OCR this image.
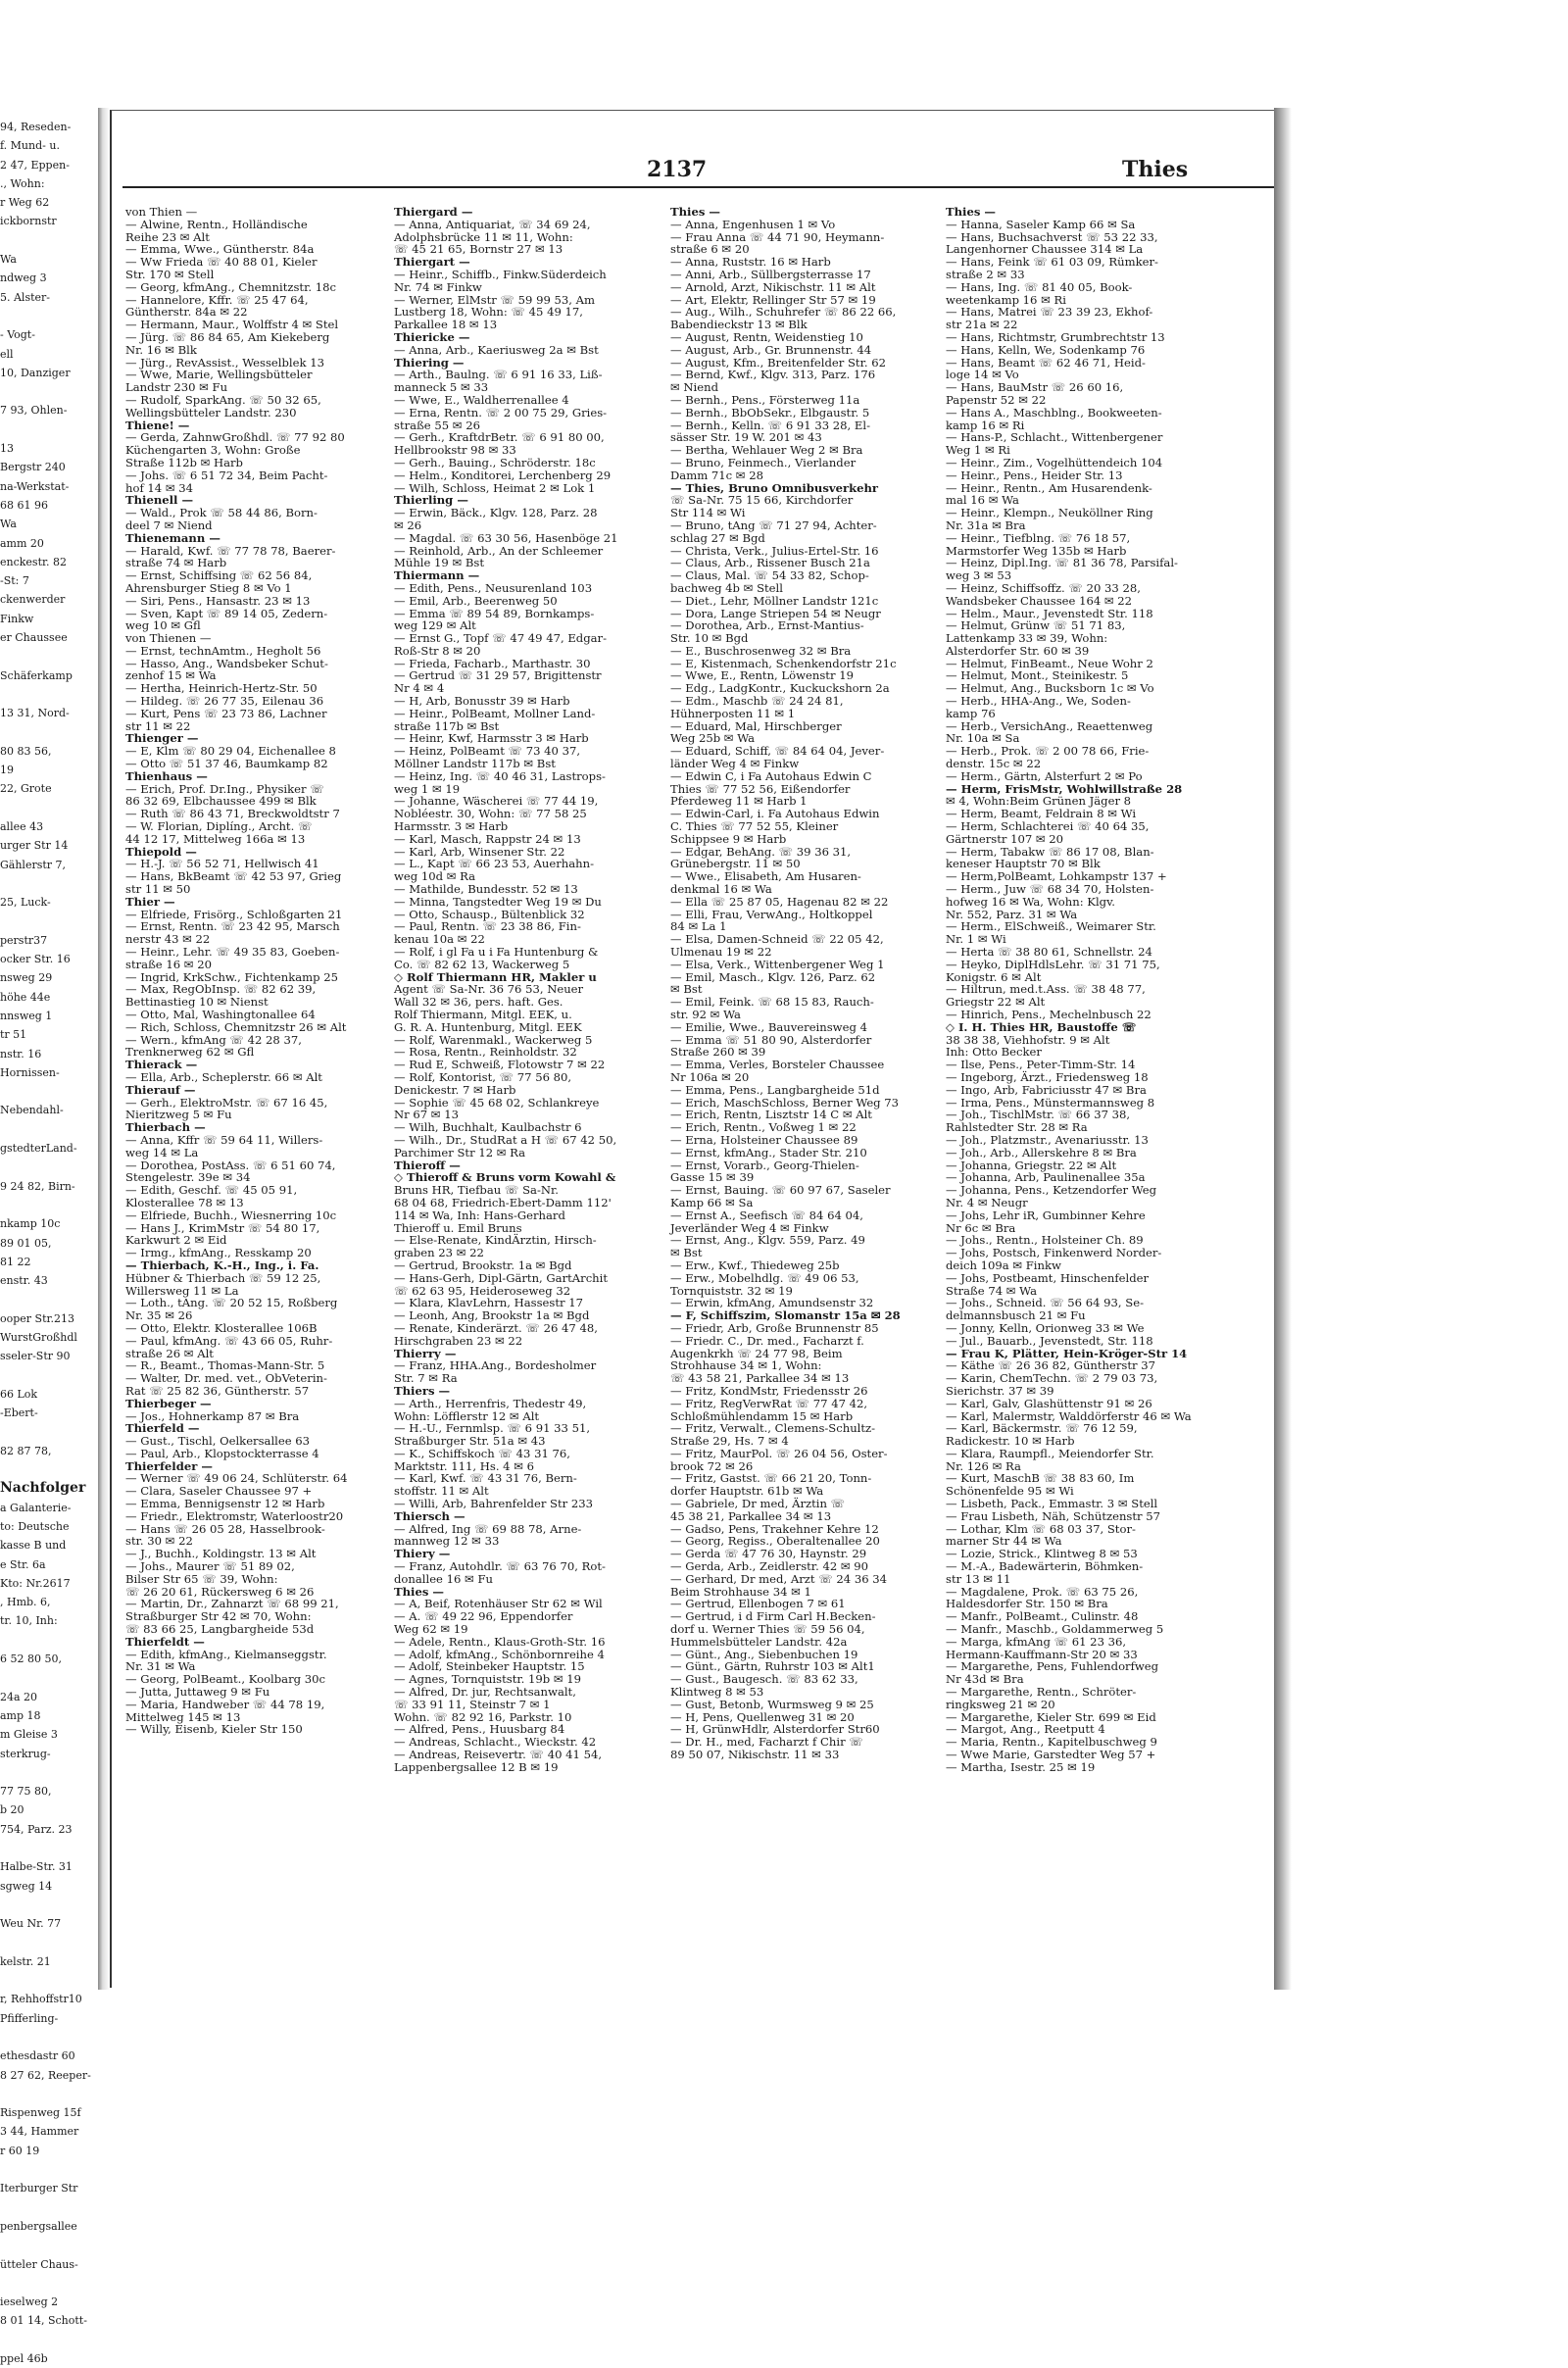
94, Reseden-
f. Mund- u.
2 47, Eppen-
., Wohn:
r Weg 62
ickbornstr

Wa
ndweg 3
5. Alster-

- Vogt-
ell
10, Danziger

7 93, Ohlen-

13
Bergstr 240
na-Werkstat-
68 61 96
Wa
amm 20
enckestr. 82
-St: 7
ckenwerder
Finkw
er Chaussee

Schäferkamp

13 31, Nord-

80 83 56,
19
22, Grote

allee 43
urger Str 14
Gählerstr 7,

25, Luck-

perstr37
ocker Str. 16
nsweg 29
höhe 44e
nnsweg 1
tr 51
nstr. 16
Hornissen-

Nebendahl-

gstedterLand-

9 24 82, Birn-

nkamp 10c
89 01 05,
81 22
enstr. 43

ooper Str.213
WurstGroßhdl
sseler-Str 90

66 Lok
-Ebert-

82 87 78,

Nachfolger
a Galanterie-
to: Deutsche
kasse B und
e Str. 6a
Kto: Nr.2617
, Hmb. 6,
tr. 10, Inh:

6 52 80 50,

24a 20
amp 18
m Gleise 3
sterkrug-

77 75 80,
b 20
754, Parz. 23

Halbe-Str. 31
sgweg 14

Weu Nr. 77

kelstr. 21

r, Rehhoffstr10
Pfifferling-

ethesdastr 60
8 27 62, Reeper-

Rispenweg 15f
3 44, Hammer
r 60 19

Iterburger Str

penbergsallee

ütteler Chaus-

ieselweg 2
8 01 14, Schott-

ppel 46b
2137	Thies
von Thien —
— Alwine, Rentn., Holländische
Reihe 23 ✉ Alt
— Emma, Wwe., Güntherstr. 84a
— Ww Frieda ☏ 40 88 01, Kieler
Str. 170 ✉ Stell
— Georg, kfmAng., Chemnitzstr. 18c
— Hannelore, Kffr. ☏ 25 47 64,
Güntherstr. 84a ✉ 22
— Hermann, Maur., Wolffstr 4 ✉ Stel
— Jürg. ☏ 86 84 65, Am Kiekeberg
Nr. 16 ✉ Blk
— Jürg., RevAssist., Wesselblek 13
— Wwe, Marie, Wellingsbütteler
Landstr 230 ✉ Fu
— Rudolf, SparkAng. ☏ 50 32 65,
Wellingsbütteler Landstr. 230
Thiene! —
— Gerda, ZahnwGroßhdl. ☏ 77 92 80
Küchengarten 3, Wohn: Große
Straße 112b ✉ Harb
— Johs. ☏ 6 51 72 34, Beim Pacht-
hof 14 ✉ 34
Thienell —
— Wald., Prok ☏ 58 44 86, Born-
deel 7 ✉ Niend
Thienemann —
— Harald, Kwf. ☏ 77 78 78, Baerer-
straße 74 ✉ Harb
— Ernst, Schiffsing ☏ 62 56 84,
Ahrensburger Stieg 8 ✉ Vo 1
— Siri, Pens., Hansastr. 23 ✉ 13
— Sven, Kapt ☏ 89 14 05, Zedern-
weg 10 ✉ Gfl
von Thienen —
— Ernst, technAmtm., Hegholt 56
— Hasso, Ang., Wandsbeker Schut-
zenhof 15 ✉ Wa
— Hertha, Heinrich-Hertz-Str. 50
— Hildeg. ☏ 26 77 35, Eilenau 36
— Kurt, Pens ☏ 23 73 86, Lachner
str 11 ✉ 22
Thienger —
— E, Klm ☏ 80 29 04, Eichenallee 8
— Otto ☏ 51 37 46, Baumkamp 82
Thienhaus —
— Erich, Prof. Dr.Ing., Physiker ☏
86 32 69, Elbchaussee 499 ✉ Blk
— Ruth ☏ 86 43 71, Breckwoldtstr 7
— W. Florian, Diplíng., Archt. ☏
44 12 17, Mittelweg 166a ✉ 13
Thiepold —
— H.-J. ☏ 56 52 71, Hellwisch 41
— Hans, BkBeamt ☏ 42 53 97, Grieg
str 11 ✉ 50
Thier —
— Elfriede, Frisörg., Schloßgarten 21
— Ernst, Rentn. ☏ 23 42 95, Marsch
nerstr 43 ✉ 22
— Heinr., Lehr. ☏ 49 35 83, Goeben-
straße 16 ✉ 20
— Ingrid, KrkSchw., Fichtenkamp 25
— Max, RegObInsp. ☏ 82 62 39,
Bettinastieg 10 ✉ Nienst
— Otto, Mal, Washingtonallee 64
— Rich, Schloss, Chemnitzstr 26 ✉ Alt
— Wern., kfmAng ☏ 42 28 37,
Trenknerweg 62 ✉ Gfl
Thierack —
— Ella, Arb., Scheplerstr. 66 ✉ Alt
Thierauf —
— Gerh., ElektroMstr. ☏ 67 16 45,
Nieritzweg 5 ✉ Fu
Thierbach —
— Anna, Kffr ☏ 59 64 11, Willers-
weg 14 ✉ La
— Dorothea, PostAss. ☏ 6 51 60 74,
Stengelestr. 39e ✉ 34
— Edith, Geschf. ☏ 45 05 91,
Klosterallee 78 ✉ 13
— Elfriede, Buchh., Wiesnerring 10c
— Hans J., KrimMstr ☏ 54 80 17,
Karkwurt 2 ✉ Eid
— Irmg., kfmAng., Resskamp 20
— Thierbach, K.-H., Ing., i. Fa.
Hübner & Thierbach ☏ 59 12 25,
Willersweg 11 ✉ La
— Loth., tAng. ☏ 20 52 15, Roßberg
Nr. 35 ✉ 26
— Otto, Elektr. Klosterallee 106B
— Paul, kfmAng. ☏ 43 66 05, Ruhr-
straße 26 ✉ Alt
— R., Beamt., Thomas-Mann-Str. 5
— Walter, Dr. med. vet., ObVeterin-
Rat ☏ 25 82 36, Güntherstr. 57
Thierbeger —
— Jos., Hohnerkamp 87 ✉ Bra
Thierfeld —
— Gust., Tischl, Oelkersallee 63
— Paul, Arb., Klopstockterrasse 4
Thierfelder —
— Werner ☏ 49 06 24, Schlüterstr. 64
— Clara, Saseler Chaussee 97 +
— Emma, Bennigsenstr 12 ✉ Harb
— Friedr., Elektromstr, Waterloostr20
— Hans ☏ 26 05 28, Hasselbrook-
str. 30 ✉ 22
— J., Buchh., Koldingstr. 13 ✉ Alt
— Johs., Maurer ☏ 51 89 02,
Bilser Str 65 ☏ 39, Wohn:
☏ 26 20 61, Rückersweg 6 ✉ 26
— Martin, Dr., Zahnarzt ☏ 68 99 21,
Straßburger Str 42 ✉ 70, Wohn:
☏ 83 66 25, Langbargheide 53d
Thierfeldt —
— Edith, kfmAng., Kielmanseggstr.
Nr. 31 ✉ Wa
— Georg, PolBeamt., Koolbarg 30c
— Jutta, Juttaweg 9 ✉ Fu
— Maria, Handweber ☏ 44 78 19,
Mittelweg 145 ✉ 13
— Willy, Eisenb, Kieler Str 150
Thiergard —
— Anna, Antiquariat, ☏ 34 69 24,
Adolphsbrücke 11 ✉ 11, Wohn:
☏ 45 21 65, Bornstr 27 ✉ 13
Thiergart —
— Heinr., Schiffb., Finkw.Süderdeich
Nr. 74 ✉ Finkw
— Werner, ElMstr ☏ 59 99 53, Am
Lustberg 18, Wohn: ☏ 45 49 17,
Parkallee 18 ✉ 13
Thiericke —
— Anna, Arb., Kaeriusweg 2a ✉ Bst
Thiering —
— Arth., Baulng. ☏ 6 91 16 33, Liß-
manneck 5 ✉ 33
— Wwe, E., Waldherrenallee 4
— Erna, Rentn. ☏ 2 00 75 29, Gries-
straße 55 ✉ 26
— Gerh., KraftdrBetr. ☏ 6 91 80 00,
Hellbrookstr 98 ✉ 33
— Gerh., Bauing., Schröderstr. 18c
— Helm., Konditorei, Lerchenberg 29
— Wilh, Schloss, Heimat 2 ✉ Lok 1
Thierling —
— Erwin, Bäck., Klgv. 128, Parz. 28
✉ 26
— Magdal. ☏ 63 30 56, Hasenböge 21
— Reinhold, Arb., An der Schleemer
Mühle 19 ✉ Bst
Thiermann —
— Edith, Pens., Neusurenland 103
— Emil, Arb., Beerenweg 50
— Emma ☏ 89 54 89, Bornkamps-
weg 129 ✉ Alt
— Ernst G., Topf ☏ 47 49 47, Edgar-
Roß-Str 8 ✉ 20
— Frieda, Facharb., Marthastr. 30
— Gertrud ☏ 31 29 57, Brigittenstr
Nr 4 ✉ 4
— H, Arb, Bonusstr 39 ✉ Harb
— Heinr., PolBeamt, Mollner Land-
straße 117b ✉ Bst
— Heinr, Kwf, Harmsstr 3 ✉ Harb
— Heinz, PolBeamt ☏ 73 40 37,
Möllner Landstr 117b ✉ Bst
— Heinz, Ing. ☏ 40 46 31, Lastrops-
weg 1 ✉ 19
— Johanne, Wäscherei ☏ 77 44 19,
Nobléestr. 30, Wohn: ☏ 77 58 25
Harmsstr. 3 ✉ Harb
— Karl, Masch, Rappstr 24 ✉ 13
— Karl, Arb, Winsener Str. 22
— L., Kapt ☏ 66 23 53, Auerhahn-
weg 10d ✉ Ra
— Mathilde, Bundesstr. 52 ✉ 13
— Minna, Tangstedter Weg 19 ✉ Du
— Otto, Schausp., Bültenblick 32
— Paul, Rentn. ☏ 23 38 86, Fin-
kenau 10a ✉ 22
— Rolf, i gl Fa u i Fa Huntenburg &
Co. ☏ 82 62 13, Wackerweg 5
◇ Rolf Thiermann HR, Makler u
Agent ☏ Sa-Nr. 36 76 53, Neuer
Wall 32 ✉ 36, pers. haft. Ges.
Rolf Thiermann, Mitgl. EEK, u.
G. R. A. Huntenburg, Mitgl. EEK
— Rolf, Warenmakl., Wackerweg 5
— Rosa, Rentn., Reinholdstr. 32
— Rud E, Schweiß, Flotowstr 7 ✉ 22
— Rolf, Kontorist, ☏ 77 56 80,
Denickestr. 7 ✉ Harb
— Sophie ☏ 45 68 02, Schlankreye
Nr 67 ✉ 13
— Wilh, Buchhalt, Kaulbachstr 6
— Wilh., Dr., StudRat a H ☏ 67 42 50,
Parchimer Str 12 ✉ Ra
Thieroff —
◇ Thieroff & Bruns vorm Kowahl &
Bruns HR, Tiefbau ☏ Sa-Nr.
68 04 68, Friedrich-Ebert-Damm 112'
114 ✉ Wa, Inh: Hans-Gerhard
Thieroff u. Emil Bruns
— Else-Renate, KindÄrztin, Hirsch-
graben 23 ✉ 22
— Gertrud, Brookstr. 1a ✉ Bgd
— Hans-Gerh, Dipl-Gärtn, GartArchit
☏ 62 63 95, Heideroseweg 32
— Klara, KlavLehrn, Hassestr 17
— Leonh, Ang, Brookstr 1a ✉ Bgd
— Renate, Kinderärzt. ☏ 26 47 48,
Hirschgraben 23 ✉ 22
Thierry —
— Franz, HHA.Ang., Bordesholmer
Str. 7 ✉ Ra
Thiers —
— Arth., Herrenfris, Thedestr 49,
Wohn: Löfflerstr 12 ✉ Alt
— H.-U., Fernmlsp. ☏ 6 91 33 51,
Straßburger Str. 51a ✉ 43
— K., Schiffskoch ☏ 43 31 76,
Marktstr. 111, Hs. 4 ✉ 6
— Karl, Kwf. ☏ 43 31 76, Bern-
stoffstr. 11 ✉ Alt
— Willi, Arb, Bahrenfelder Str 233
Thiersch —
— Alfred, Ing ☏ 69 88 78, Arne-
mannweg 12 ✉ 33
Thiery —
— Franz, Autohdlr. ☏ 63 76 70, Rot-
donallee 16 ✉ Fu
Thies —
— A, Beif, Rotenhäuser Str 62 ✉ Wil
— A. ☏ 49 22 96, Eppendorfer
Weg 62 ✉ 19
— Adele, Rentn., Klaus-Groth-Str. 16
— Adolf, kfmAng., Schönbornreihe 4
— Adolf, Steinbeker Hauptstr. 15
— Agnes, Tornquiststr. 19b ✉ 19
— Alfred, Dr. jur, Rechtsanwalt,
☏ 33 91 11, Steinstr 7 ✉ 1
Wohn. ☏ 82 92 16, Parkstr. 10
— Alfred, Pens., Huusbarg 84
— Andreas, Schlacht., Wieckstr. 42
— Andreas, Reisevertr. ☏ 40 41 54,
Lappenbergsallee 12 B ✉ 19
Thies —
— Anna, Engenhusen 1 ✉ Vo
— Frau Anna ☏ 44 71 90, Heymann-
straße 6 ✉ 20
— Anna, Ruststr. 16 ✉ Harb
— Anni, Arb., Süllbergsterrasse 17
— Arnold, Arzt, Nikischstr. 11 ✉ Alt
— Art, Elektr, Rellinger Str 57 ✉ 19
— Aug., Wilh., Schuhrefer ☏ 86 22 66,
Babendieckstr 13 ✉ Blk
— August, Rentn, Weidenstieg 10
— August, Arb., Gr. Brunnenstr. 44
— August, Kfm., Breitenfelder Str. 62
— Bernd, Kwf., Klgv. 313, Parz. 176
✉ Niend
— Bernh., Pens., Försterweg 11a
— Bernh., BbObSekr., Elbgaustr. 5
— Bernh., Kelln. ☏ 6 91 33 28, El-
sässer Str. 19 W. 201 ✉ 43
— Bertha, Wehlauer Weg 2 ✉ Bra
— Bruno, Feinmech., Vierlander
Damm 71c ✉ 28
— Thies, Bruno Omnibusverkehr
☏ Sa-Nr. 75 15 66, Kirchdorfer
Str 114 ✉ Wi
— Bruno, tAng ☏ 71 27 94, Achter-
schlag 27 ✉ Bgd
— Christa, Verk., Julius-Ertel-Str. 16
— Claus, Arb., Rissener Busch 21a
— Claus, Mal. ☏ 54 33 82, Schop-
bachweg 4b ✉ Stell
— Diet., Lehr, Möllner Landstr 121c
— Dora, Lange Striepen 54 ✉ Neugr
— Dorothea, Arb., Ernst-Mantius-
Str. 10 ✉ Bgd
— E., Buschrosenweg 32 ✉ Bra
— E, Kistenmach, Schenkendorfstr 21c
— Wwe, E., Rentn, Löwenstr 19
— Edg., LadgKontr., Kuckuckshorn 2a
— Edm., Maschb ☏ 24 24 81,
Hühnerposten 11 ✉ 1
— Eduard, Mal, Hirschberger
Weg 25b ✉ Wa
— Eduard, Schiff, ☏ 84 64 04, Jever-
länder Weg 4 ✉ Finkw
— Edwin C, i Fa Autohaus Edwin C
Thies ☏ 77 52 56, Eißendorfer
Pferdeweg 11 ✉ Harb 1
— Edwin-Carl, i. Fa Autohaus Edwin
C. Thies ☏ 77 52 55, Kleiner
Schippsee 9 ✉ Harb
— Edgar, BehAng. ☏ 39 36 31,
Grünebergstr. 11 ✉ 50
— Wwe., Elisabeth, Am Husaren-
denkmal 16 ✉ Wa
— Ella ☏ 25 87 05, Hagenau 82 ✉ 22
— Elli, Frau, VerwAng., Holtkoppel
84 ✉ La 1
— Elsa, Damen-Schneid ☏ 22 05 42,
Ulmenau 19 ✉ 22
— Elsa, Verk., Wittenbergener Weg 1
— Emil, Masch., Klgv. 126, Parz. 62
✉ Bst
— Emil, Feink. ☏ 68 15 83, Rauch-
str. 92 ✉ Wa
— Emilie, Wwe., Bauvereinsweg 4
— Emma ☏ 51 80 90, Alsterdorfer
Straße 260 ✉ 39
— Emma, Verles, Borsteler Chaussee
Nr 106a ✉ 20
— Emma, Pens., Langbargheide 51d
— Erich, MaschSchloss, Berner Weg 73
— Erich, Rentn, Lisztstr 14 C ✉ Alt
— Erich, Rentn., Voßweg 1 ✉ 22
— Erna, Holsteiner Chaussee 89
— Ernst, kfmAng., Stader Str. 210
— Ernst, Vorarb., Georg-Thielen-
Gasse 15 ✉ 39
— Ernst, Bauing. ☏ 60 97 67, Saseler
Kamp 66 ✉ Sa
— Ernst A., Seefisch ☏ 84 64 04,
Jeverländer Weg 4 ✉ Finkw
— Ernst, Ang., Klgv. 559, Parz. 49
✉ Bst
— Erw., Kwf., Thiedeweg 25b
— Erw., Mobelhdlg. ☏ 49 06 53,
Tornquiststr. 32 ✉ 19
— Erwin, kfmAng, Amundsenstr 32
— F, Schiffszim, Slomanstr 15a ✉ 28
— Friedr, Arb, Große Brunnenstr 85
— Friedr. C., Dr. med., Facharzt f.
Augenkrkh ☏ 24 77 98, Beim
Strohhause 34 ✉ 1, Wohn:
☏ 43 58 21, Parkallee 34 ✉ 13
— Fritz, KondMstr, Friedensstr 26
— Fritz, RegVerwRat ☏ 77 47 42,
Schloßmühlendamm 15 ✉ Harb
— Fritz, Verwalt., Clemens-Schultz-
Straße 29, Hs. 7 ✉ 4
— Fritz, MaurPol. ☏ 26 04 56, Oster-
brook 72 ✉ 26
— Fritz, Gastst. ☏ 66 21 20, Tonn-
dorfer Hauptstr. 61b ✉ Wa
— Gabriele, Dr med, Ärztin ☏
45 38 21, Parkallee 34 ✉ 13
— Gadso, Pens, Trakehner Kehre 12
— Georg, Regiss., Oberaltenallee 20
— Gerda ☏ 47 76 30, Haynstr. 29
— Gerda, Arb., Zeidlerstr. 42 ✉ 90
— Gerhard, Dr med, Arzt ☏ 24 36 34
Beim Strohhause 34 ✉ 1
— Gertrud, Ellenbogen 7 ✉ 61
— Gertrud, i d Firm Carl H.Becken-
dorf u. Werner Thies ☏ 59 56 04,
Hummelsbütteler Landstr. 42a
— Günt., Ang., Siebenbuchen 19
— Günt., Gärtn, Ruhrstr 103 ✉ Alt1
— Gust., Baugesch. ☏ 83 62 33,
Klintweg 8 ✉ 53
— Gust, Betonb, Wurmsweg 9 ✉ 25
— H, Pens, Quellenweg 31 ✉ 20
— H, GrünwHdlr, Alsterdorfer Str60
— Dr. H., med, Facharzt f Chir ☏
89 50 07, Nikischstr. 11 ✉ 33
Thies —
— Hanna, Saseler Kamp 66 ✉ Sa
— Hans, Buchsachverst ☏ 53 22 33,
Langenhorner Chaussee 314 ✉ La
— Hans, Feink ☏ 61 03 09, Rümker-
straße 2 ✉ 33
— Hans, Ing. ☏ 81 40 05, Book-
weetenkamp 16 ✉ Ri
— Hans, Matrei ☏ 23 39 23, Ekhof-
str 21a ✉ 22
— Hans, Richtmstr, Grumbrechtstr 13
— Hans, Kelln, We, Sodenkamp 76
— Hans, Beamt ☏ 62 46 71, Heid-
loge 14 ✉ Vo
— Hans, BauMstr ☏ 26 60 16,
Papenstr 52 ✉ 22
— Hans A., Maschblng., Bookweeten-
kamp 16 ✉ Ri
— Hans-P., Schlacht., Wittenbergener
Weg 1 ✉ Ri
— Heinr., Zim., Vogelhüttendeich 104
— Heinr., Pens., Heider Str. 13
— Heinr., Rentn., Am Husarendenk-
mal 16 ✉ Wa
— Heinr., Klempn., Neuköllner Ring
Nr. 31a ✉ Bra
— Heinr., Tiefblng. ☏ 76 18 57,
Marmstorfer Weg 135b ✉ Harb
— Heinz, Dipl.Ing. ☏ 81 36 78, Parsifal-
weg 3 ✉ 53
— Heinz, Schiffsoffz. ☏ 20 33 28,
Wandsbeker Chaussee 164 ✉ 22
— Helm., Maur., Jevenstedt Str. 118
— Helmut, Grünw ☏ 51 71 83,
Lattenkamp 33 ✉ 39, Wohn:
Alsterdorfer Str. 60 ✉ 39
— Helmut, FinBeamt., Neue Wohr 2
— Helmut, Mont., Steinikestr. 5
— Helmut, Ang., Bucksborn 1c ✉ Vo
— Herb., HHA-Ang., We, Soden-
kamp 76
— Herb., VersichAng., Reaettenweg
Nr. 10a ✉ Sa
— Herb., Prok. ☏ 2 00 78 66, Frie-
denstr. 15c ✉ 22
— Herm., Gärtn, Alsterfurt 2 ✉ Po
— Herm, FrisMstr, Wohlwillstraße 28
✉ 4, Wohn:Beim Grünen Jäger 8
— Herm, Beamt, Feldrain 8 ✉ Wi
— Herm, Schlachterei ☏ 40 64 35,
Gärtnerstr 107 ✉ 20
— Herm, Tabakw ☏ 86 17 08, Blan-
keneser Hauptstr 70 ✉ Blk
— Herm,PolBeamt, Lohkampstr 137 +
— Herm., Juw ☏ 68 34 70, Holsten-
hofweg 16 ✉ Wa, Wohn: Klgv.
Nr. 552, Parz. 31 ✉ Wa
— Herm., ElSchweiß., Weimarer Str.
Nr. 1 ✉ Wi
— Herta ☏ 38 80 61, Schnellstr. 24
— Heyko, DiplHdlsLehr. ☏ 31 71 75,
Konigstr. 6 ✉ Alt
— Hiltrun, med.t.Ass. ☏ 38 48 77,
Griegstr 22 ✉ Alt
— Hinrich, Pens., Mechelnbusch 22
◇ I. H. Thies HR, Baustoffe ☏
38 38 38, Viehhofstr. 9 ✉ Alt
Inh: Otto Becker
— Ilse, Pens., Peter-Timm-Str. 14
— Ingeborg, Ärzt., Friedensweg 18
— Ingo, Arb, Fabriciusstr 47 ✉ Bra
— Irma, Pens., Münstermannsweg 8
— Joh., TischlMstr. ☏ 66 37 38,
Rahlstedter Str. 28 ✉ Ra
— Joh., Platzmstr., Avenariusstr. 13
— Joh., Arb., Allerskehre 8 ✉ Bra
— Johanna, Griegstr. 22 ✉ Alt
— Johanna, Arb, Paulinenallee 35a
— Johanna, Pens., Ketzendorfer Weg
Nr. 4 ✉ Neugr
— Johs, Lehr iR, Gumbinner Kehre
Nr 6c ✉ Bra
— Johs., Rentn., Holsteiner Ch. 89
— Johs, Postsch, Finkenwerd Norder-
deich 109a ✉ Finkw
— Johs, Postbeamt, Hinschenfelder
Straße 74 ✉ Wa
— Johs., Schneid. ☏ 56 64 93, Se-
delmannsbusch 21 ✉ Fu
— Jonny, Kelln, Orionweg 33 ✉ We
— Jul., Bauarb., Jevenstedt, Str. 118
— Frau K, Plätter, Hein-Kröger-Str 14
— Käthe ☏ 26 36 82, Güntherstr 37
— Karin, ChemTechn. ☏ 2 79 03 73,
Sierichstr. 37 ✉ 39
— Karl, Galv, Glashüttenstr 91 ✉ 26
— Karl, Malermstr, Walddörferstr 46 ✉ Wa
— Karl, Bäckermstr. ☏ 76 12 59,
Radickestr. 10 ✉ Harb
— Klara, Raumpfl., Meiendorfer Str.
Nr. 126 ✉ Ra
— Kurt, MaschB ☏ 38 83 60, Im
Schönenfelde 95 ✉ Wi
— Lisbeth, Pack., Emmastr. 3 ✉ Stell
— Frau Lisbeth, Näh, Schützenstr 57
— Lothar, Klm ☏ 68 03 37, Stor-
marner Str 44 ✉ Wa
— Lozie, Strick., Klintweg 8 ✉ 53
— M.-A., Badewärterin, Böhmken-
str 13 ✉ 11
— Magdalene, Prok. ☏ 63 75 26,
Haldesdorfer Str. 150 ✉ Bra
— Manfr., PolBeamt., Culinstr. 48
— Manfr., Maschb., Goldammerweg 5
— Marga, kfmAng ☏ 61 23 36,
Hermann-Kauffmann-Str 20 ✉ 33
— Margarethe, Pens, Fuhlendorfweg
Nr 43d ✉ Bra
— Margarethe, Rentn., Schröter-
ringksweg 21 ✉ 20
— Margarethe, Kieler Str. 699 ✉ Eid
— Margot, Ang., Reetputt 4
— Maria, Rentn., Kapitelbuschweg 9
— Wwe Marie, Garstedter Weg 57 +
— Martha, Isestr. 25 ✉ 19
